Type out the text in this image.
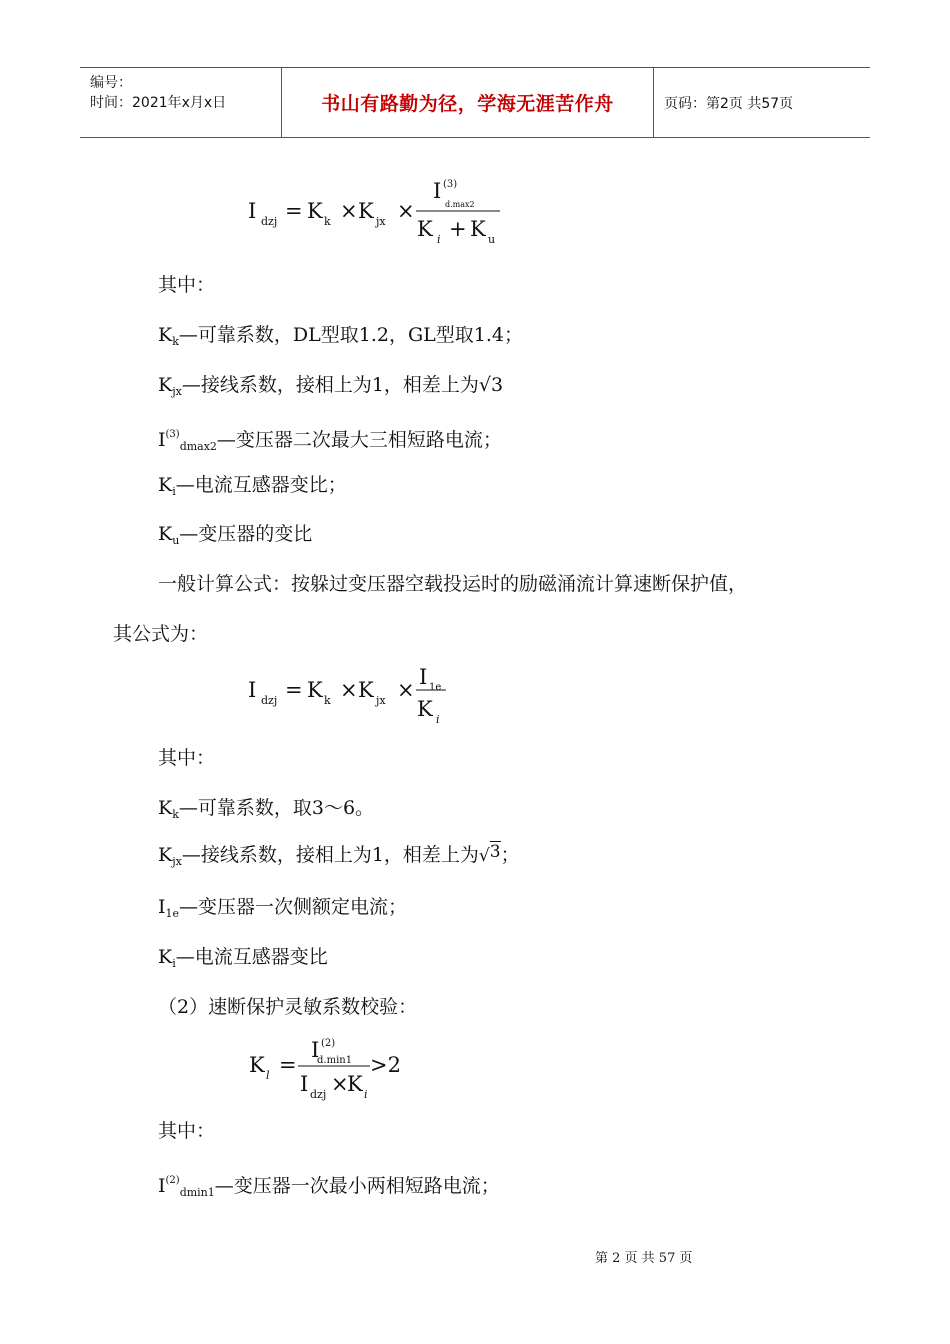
编号：
时间：2021年x月x日	书山有路勤为径，学海无涯苦作舟	页码：第2页 共57页
I dzj = K k × K jx ×
I (3)
d.max2
K i + K u
I dzj = K k × K jx ×
I 1e
K i
K l =
I (2)
d.min1
I dzj ×
K i
>2
其中：
$K_k—$可靠系数，DL型取1.2，GL型取1.4；
$K_{jx}—$接线系数，接相上为1，相差上为√3
$I^{(3)}_{dmax2}—$变压器二次最大三相短路电流；
$K_i—$电流互感器变比；
$K_u—$变压器的变比
一般计算公式：按躲过变压器空载投运时的励磁涌流计算速断保护值，
其公式为：
其中：
$K_k—$可靠系数，取3～6。
$K_{jx}—$接线系数，接相上为1，相差上为√3；
$I_{1e}—$变压器一次侧额定电流；
$K_i—$电流互感器变比
（2）速断保护灵敏系数校验：
其中：
$I^{(2)}_{dmin1}—$变压器一次最小两相短路电流；
第 2 页 共 57 页
